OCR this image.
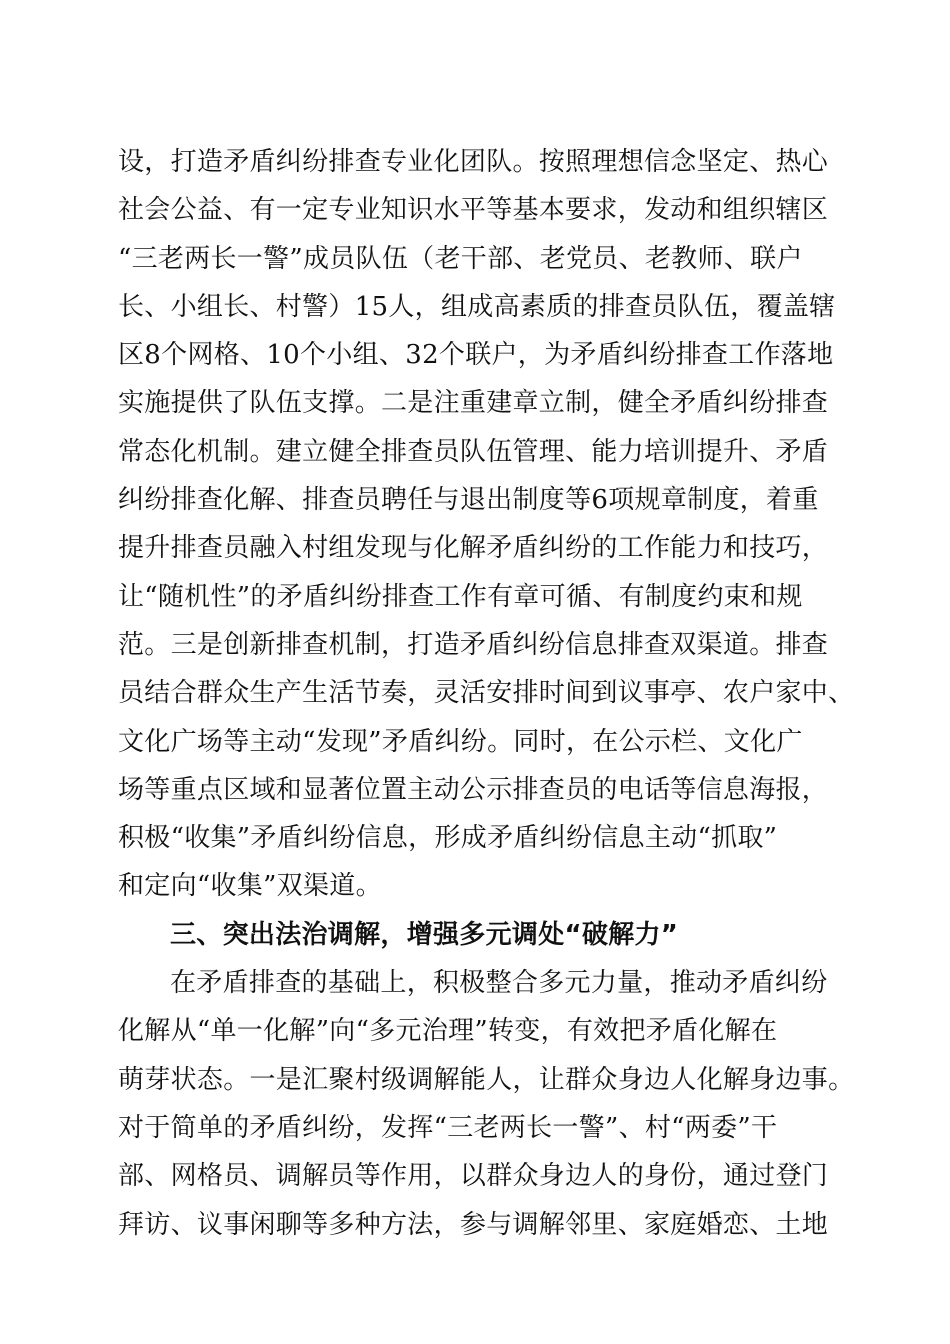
设，打造矛盾纠纷排查专业化团队。按照理想信念坚定、热心
社会公益、有一定专业知识水平等基本要求，发动和组织辖区
“三老两长一警”成员队伍（老干部、老党员、老教师、联户
长、小组长、村警）15人，组成高素质的排查员队伍，覆盖辖
区8个网格、10个小组、32个联户，为矛盾纠纷排查工作落地
实施提供了队伍支撑。二是注重建章立制，健全矛盾纠纷排查
常态化机制。建立健全排查员队伍管理、能力培训提升、矛盾
纠纷排查化解、排查员聘任与退出制度等6项规章制度，着重
提升排查员融入村组发现与化解矛盾纠纷的工作能力和技巧，
让“随机性”的矛盾纠纷排查工作有章可循、有制度约束和规
范。三是创新排查机制，打造矛盾纠纷信息排查双渠道。排查
员结合群众生产生活节奏，灵活安排时间到议事亭、农户家中、
文化广场等主动“发现”矛盾纠纷。同时，在公示栏、文化广
场等重点区域和显著位置主动公示排查员的电话等信息海报，
积极“收集”矛盾纠纷信息，形成矛盾纠纷信息主动“抓取”
和定向“收集”双渠道。
三、突出法治调解，增强多元调处“破解力”
在矛盾排查的基础上，积极整合多元力量，推动矛盾纠纷
化解从“单一化解”向“多元治理”转变，有效把矛盾化解在
萌芽状态。一是汇聚村级调解能人，让群众身边人化解身边事。
对于简单的矛盾纠纷，发挥“三老两长一警”、村“两委”干
部、网格员、调解员等作用，以群众身边人的身份，通过登门
拜访、议事闲聊等多种方法，参与调解邻里、家庭婚恋、土地
